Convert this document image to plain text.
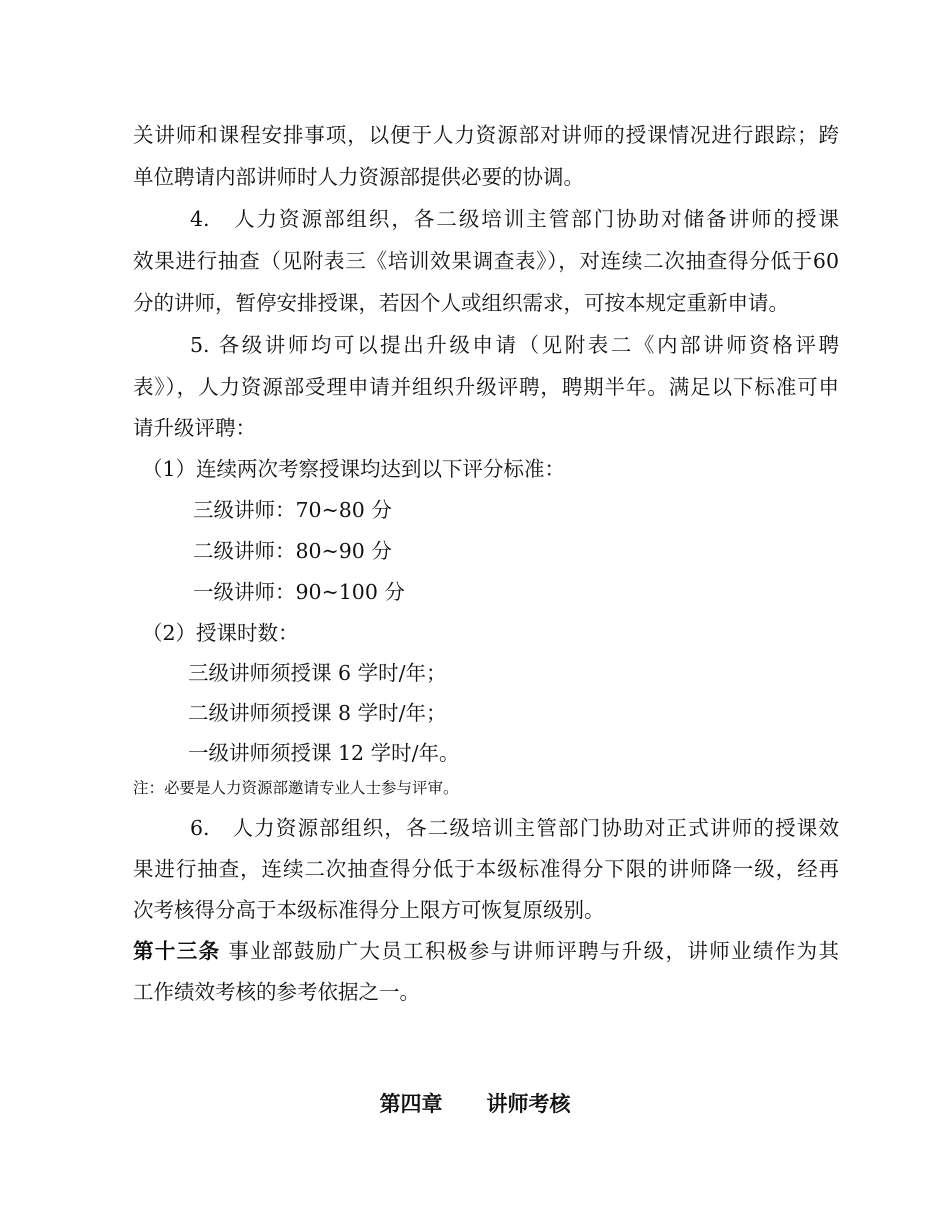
关讲师和课程安排事项，以便于人力资源部对讲师的授课情况进行跟踪；跨
单位聘请内部讲师时人力资源部提供必要的协调。
4.　人力资源部组织，各二级培训主管部门协助对储备讲师的授课
效果进行抽查（见附表三《培训效果调查表》），对连续二次抽查得分低于60
分的讲师，暂停安排授课，若因个人或组织需求，可按本规定重新申请。
5. 各级讲师均可以提出升级申请（见附表二《内部讲师资格评聘
表》），人力资源部受理申请并组织升级评聘，聘期半年。满足以下标准可申
请升级评聘：
（1）连续两次考察授课均达到以下评分标准：
三级讲师：70~80 分
二级讲师：80~90 分
一级讲师：90~100 分
（2）授课时数：
三级讲师须授课 6 学时/年；
二级讲师须授课 8 学时/年；
一级讲师须授课 12 学时/年。
注：必要是人力资源部邀请专业人士参与评审。
6.　人力资源部组织，各二级培训主管部门协助对正式讲师的授课效
果进行抽查，连续二次抽查得分低于本级标准得分下限的讲师降一级，经再
次考核得分高于本级标准得分上限方可恢复原级别。
第十三条 事业部鼓励广大员工积极参与讲师评聘与升级，讲师业绩作为其
工作绩效考核的参考依据之一。
第四章 讲师考核
